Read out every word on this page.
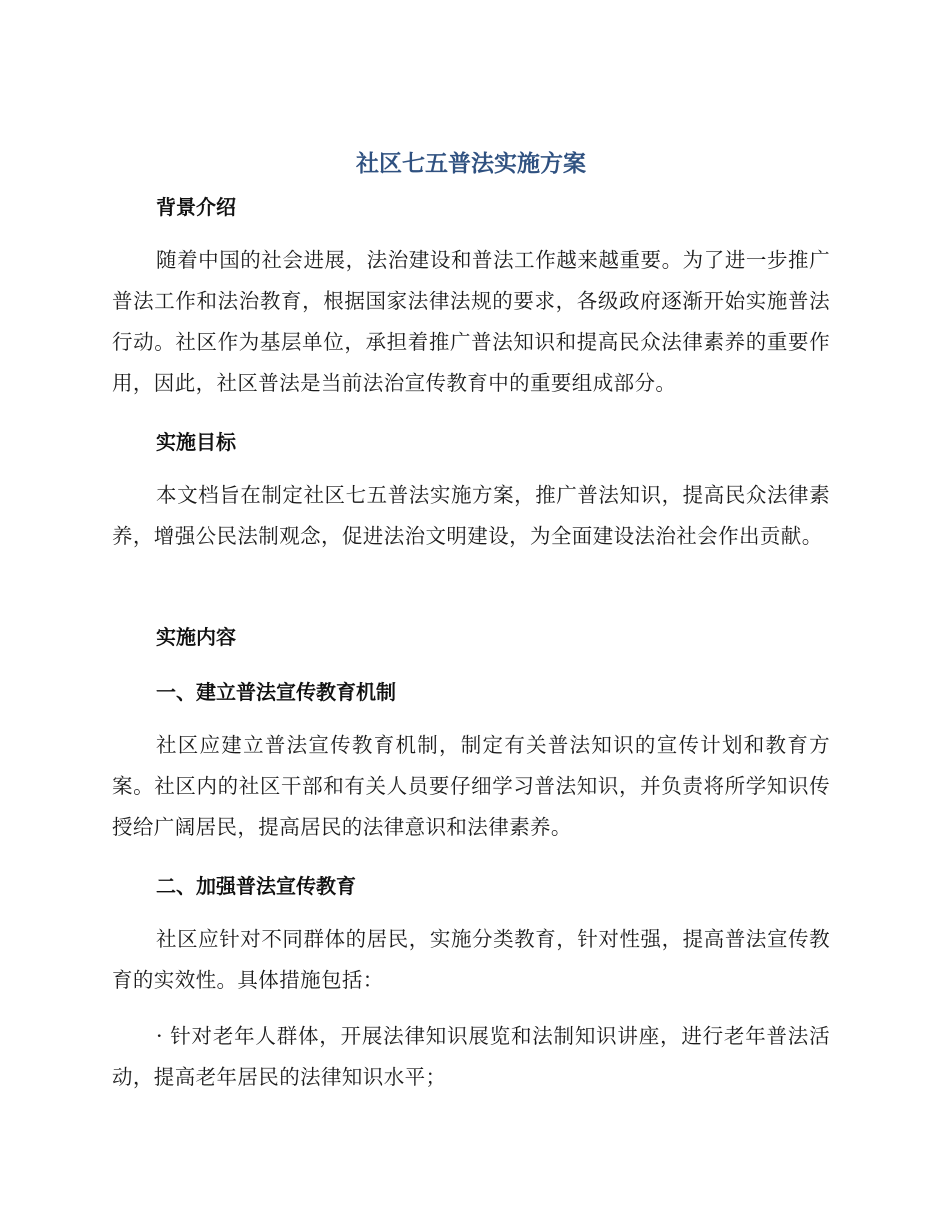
社区七五普法实施方案
背景介绍

随着中国的社会进展，法治建设和普法工作越来越重要。为了进一步推广普法工作和法治教育，根据国家法律法规的要求，各级政府逐渐开始实施普法行动。社区作为基层单位，承担着推广普法知识和提高民众法律素养的重要作用，因此，社区普法是当前法治宣传教育中的重要组成部分。

实施目标

本文档旨在制定社区七五普法实施方案，推广普法知识，提高民众法律素养，增强公民法制观念，促进法治文明建设，为全面建设法治社会作出贡献。

实施内容
一、建立普法宣传教育机制

社区应建立普法宣传教育机制，制定有关普法知识的宣传计划和教育方案。社区内的社区干部和有关人员要仔细学习普法知识，并负责将所学知识传授给广阔居民，提高居民的法律意识和法律素养。

二、加强普法宣传教育

社区应针对不同群体的居民，实施分类教育，针对性强，提高普法宣传教育的实效性。具体措施包括：

· 针对老年人群体，开展法律知识展览和法制知识讲座，进行老年普法活动，提高老年居民的法律知识水平；
